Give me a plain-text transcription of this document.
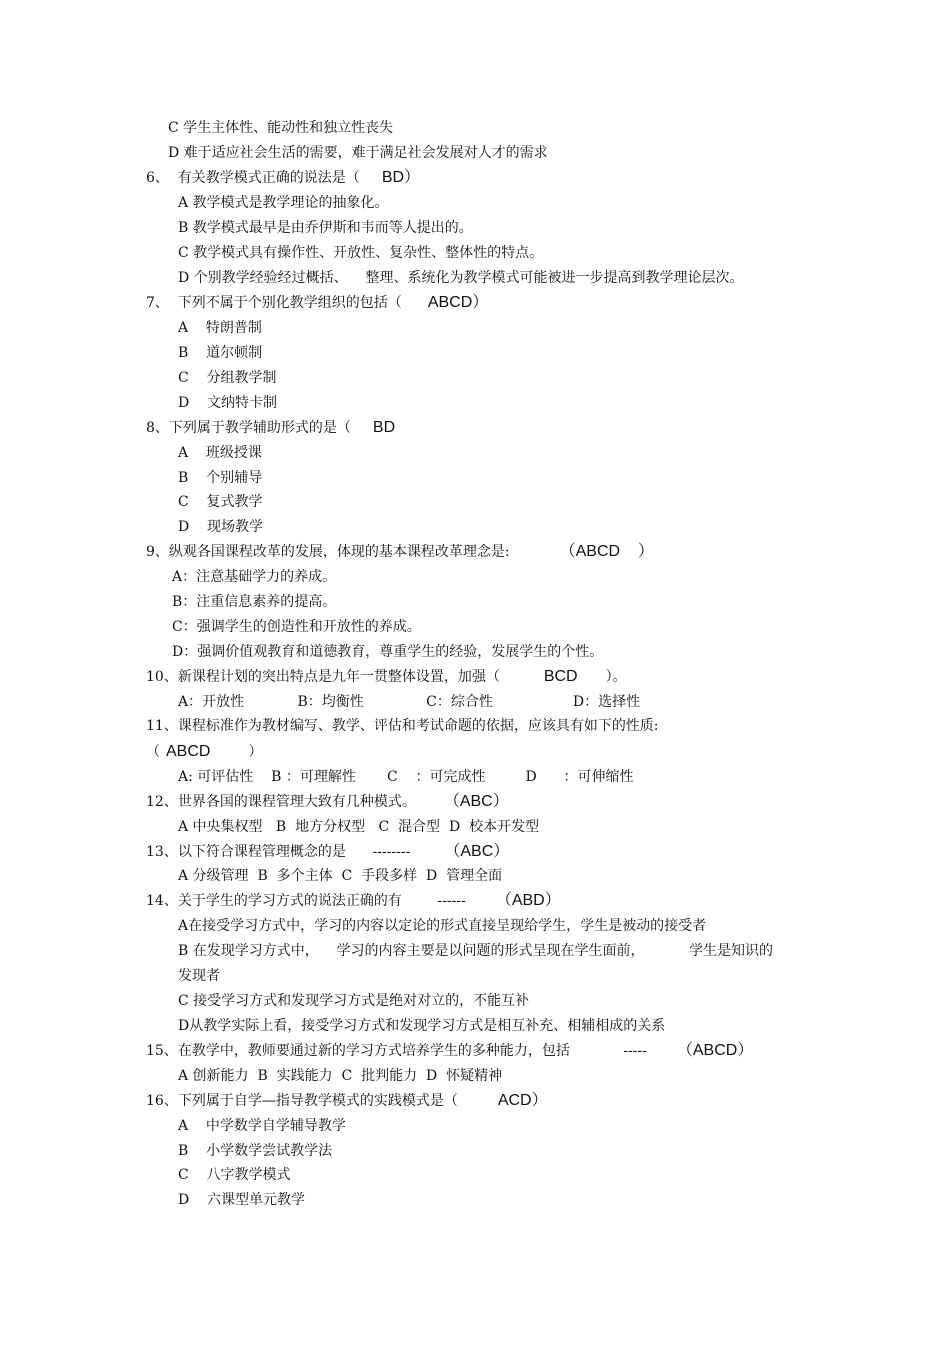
C 学生主体性、能动性和独立性丧失
D 难于适应社会生活的需要，难于满足社会发展对人才的需求
6、  有关教学模式正确的说法是（ BD）
A 教学模式是教学理论的抽象化。
B 教学模式最早是由乔伊斯和韦而等人提出的。
C 教学模式具有操作性、开放性、复杂性、整体性的特点。
D 个别教学经验经过概括、    整理、系统化为教学模式可能被进一步提高到教学理论层次。
7、  下列不属于个别化教学组织的包括（ ABCD）
A    特朗普制
B    道尔顿制
C    分组教学制
D    文纳特卡制
8、下列属于教学辅助形式的是（ BD
A    班级授课
B    个别辅导
C    复式教学
D    现场教学
9、纵观各国课程改革的发展，体现的基本课程改革理念是:	（ABCD    ）
A：注意基础学力的养成。
B：注重信息素养的提高。
C：强调学生的创造性和开放性的养成。
D：强调价值观教育和道德教育，尊重学生的经验，发展学生的个性。
10、新课程计划的突出特点是九年一贯整体设置，加强（	BCD ）。
A：开放性            B：均衡性              C：综合性                  D：选择性
11、课程标准作为教材编写、教学、评估和考试命题的依据，应该具有如下的性质:
（ ABCD	）
A: 可评估性    B ：可理解性       C    ：可完成性         D      ：可伸缩性
12、世界各国的课程管理大致有几种模式。 （ABC）
A 中央集权型   B  地方分权型   C  混合型  D  校本开发型
13、以下符合课程管理概念的是      -------- （ABC）
A 分级管理  B  多个主体  C  手段多样  D  管理全面
14、关于学生的学习方式的说法正确的有        ------ （ABD）
A在接受学习方式中，学习的内容以定论的形式直接呈现给学生，学生是被动的接受者
B 在发现学习方式中，    学习的内容主要是以问题的形式呈现在学生面前，          学生是知识的
发现者
C 接受学习方式和发现学习方式是绝对对立的，不能互补
D从教学实际上看，接受学习方式和发现学习方式是相互补充、相辅相成的关系
15、在教学中，教师要通过新的学习方式培养学生的多种能力，包括            ----- （ABCD）
A 创新能力  B  实践能力  C  批判能力  D  怀疑精神
16、下列属于自学—指导教学模式的实践模式是（	ACD）
A    中学数学自学辅导教学
B    小学数学尝试教学法
C    八字教学模式
D    六课型单元教学
